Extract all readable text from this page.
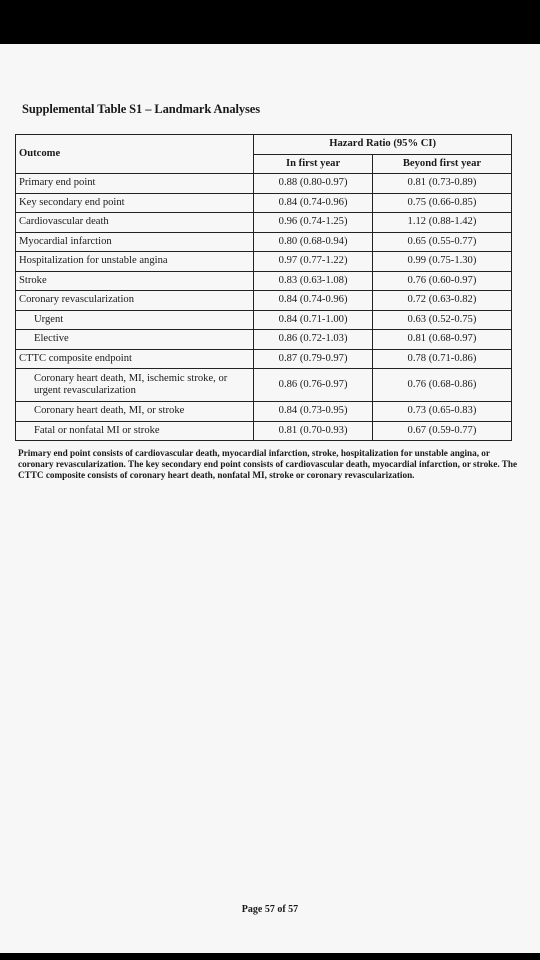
Supplemental Table S1 – Landmark Analyses
Outcome	Hazard Ratio (95% CI)	
	In first year	Beyond first year
Primary end point	0.88 (0.80-0.97)	0.81 (0.73-0.89)
Key secondary end point	0.84 (0.74-0.96)	0.75 (0.66-0.85)
Cardiovascular death	0.96 (0.74-1.25)	1.12 (0.88-1.42)
Myocardial infarction	0.80 (0.68-0.94)	0.65 (0.55-0.77)
Hospitalization for unstable angina	0.97 (0.77-1.22)	0.99 (0.75-1.30)
Stroke	0.83 (0.63-1.08)	0.76 (0.60-0.97)
Coronary revascularization	0.84 (0.74-0.96)	0.72 (0.63-0.82)
Urgent	0.84 (0.71-1.00)	0.63 (0.52-0.75)
Elective	0.86 (0.72-1.03)	0.81 (0.68-0.97)
CTTC composite endpoint	0.87 (0.79-0.97)	0.78 (0.71-0.86)
Coronary heart death, MI, ischemic stroke, or urgent revascularization	0.86 (0.76-0.97)	0.76 (0.68-0.86)
Coronary heart death, MI, or stroke	0.84 (0.73-0.95)	0.73 (0.65-0.83)
Fatal or nonfatal MI or stroke	0.81 (0.70-0.93)	0.67 (0.59-0.77)
Primary end point consists of cardiovascular death, myocardial infarction, stroke, hospitalization for unstable angina, or coronary revascularization. The key secondary end point consists of cardiovascular death, myocardial infarction, or stroke. The CTTC composite consists of coronary heart death, nonfatal MI, stroke or coronary revascularization.
Page 57 of 57
